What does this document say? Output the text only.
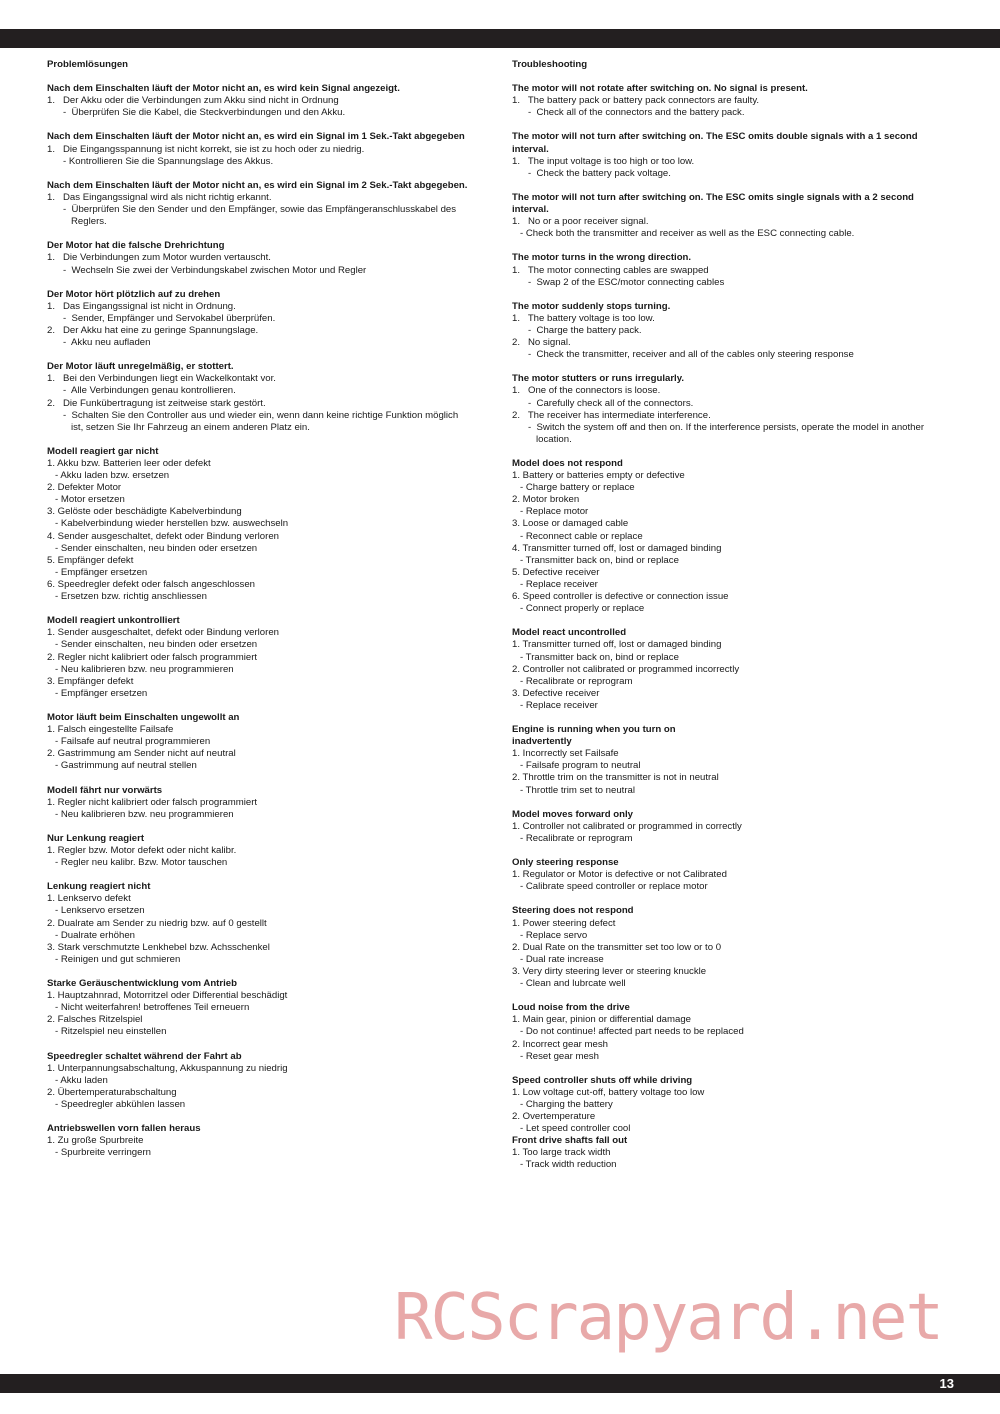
Problemlösungen
Nach dem Einschalten läuft der Motor nicht an, es wird kein Signal angezeigt.
1.   Der Akku oder die Verbindungen zum Akku sind nicht in Ordnung
-  Überprüfen Sie die Kabel, die Steckverbindungen und den Akku.
Nach dem Einschalten läuft der Motor nicht an, es wird ein Signal im 1 Sek.-Takt abgegeben
1.   Die Eingangsspannung ist nicht korrekt, sie ist zu hoch oder zu niedrig.
- Kontrollieren Sie die Spannungslage des Akkus.
Nach dem Einschalten läuft der Motor nicht an, es wird ein Signal im 2 Sek.-Takt abgegeben.
1.   Das Eingangssignal wird als nicht richtig erkannt.
-  Überprüfen Sie den Sender und den Empfänger, sowie das Empfängeranschlusskabel des
Reglers.
Der Motor hat die falsche Drehrichtung
1.   Die Verbindungen zum Motor wurden vertauscht.
-  Wechseln Sie zwei der Verbindungskabel zwischen Motor und Regler
Der Motor hört plötzlich auf zu drehen
1.   Das Eingangssignal ist nicht in Ordnung.
-  Sender, Empfänger und Servokabel überprüfen.
2.   Der Akku hat eine zu geringe Spannungslage.
-  Akku neu aufladen
Der Motor läuft unregelmäßig, er stottert.
1.   Bei den Verbindungen liegt ein Wackelkontakt vor.
-  Alle Verbindungen genau kontrollieren.
2.   Die Funkübertragung ist zeitweise stark gestört.
-  Schalten Sie den Controller aus und wieder ein, wenn dann keine richtige Funktion möglich
ist, setzen Sie Ihr Fahrzeug an einem anderen Platz ein.
Modell reagiert gar nicht
1. Akku bzw. Batterien leer oder defekt
- Akku laden bzw. ersetzen
2. Defekter Motor
- Motor ersetzen
3. Gelöste oder beschädigte Kabelverbindung
- Kabelverbindung wieder herstellen bzw. auswechseln
4. Sender ausgeschaltet, defekt oder Bindung verloren
- Sender einschalten, neu binden oder ersetzen
5. Empfänger defekt
- Empfänger ersetzen
6. Speedregler defekt oder falsch angeschlossen
- Ersetzen bzw. richtig anschliessen
Modell reagiert unkontrolliert
1. Sender ausgeschaltet, defekt oder Bindung verloren
- Sender einschalten, neu binden oder ersetzen
2. Regler nicht kalibriert oder falsch programmiert
- Neu kalibrieren bzw. neu programmieren
3. Empfänger defekt
- Empfänger ersetzen
Motor läuft beim Einschalten ungewollt an
1. Falsch eingestellte Failsafe
- Failsafe auf neutral programmieren
2. Gastrimmung am Sender nicht auf neutral
- Gastrimmung auf neutral stellen
Modell fährt nur vorwärts
1. Regler nicht kalibriert oder falsch programmiert
- Neu kalibrieren bzw. neu programmieren
Nur Lenkung reagiert
1. Regler bzw. Motor defekt oder nicht kalibr.
- Regler neu kalibr. Bzw. Motor tauschen
Lenkung reagiert nicht
1. Lenkservo defekt
- Lenkservo ersetzen
2. Dualrate am Sender zu niedrig bzw. auf 0 gestellt
- Dualrate erhöhen
3. Stark verschmutzte Lenkhebel bzw. Achsschenkel
- Reinigen und gut schmieren
Starke Geräuschentwicklung vom Antrieb
1. Hauptzahnrad, Motorritzel oder Differential beschädigt
- Nicht weiterfahren! betroffenes Teil erneuern
2. Falsches Ritzelspiel
- Ritzelspiel neu einstellen
Speedregler schaltet während der Fahrt ab
1. Unterpannungsabschaltung, Akkuspannung zu niedrig
- Akku laden
2. Übertemperaturabschaltung
- Speedregler abkühlen lassen
Antriebswellen vorn fallen heraus
1. Zu große Spurbreite
- Spurbreite verringern
Troubleshooting
The motor will not rotate after switching on. No signal is present.
1.   The battery pack or battery pack connectors are faulty.
-  Check all of the connectors and the battery pack.
The motor will not turn after switching on. The ESC omits double signals with a 1 second interval.
1.   The input voltage is too high or too low.
-  Check the battery pack voltage.
The motor will not turn after switching on. The ESC omits single signals with a 2 second interval.
1.   No or a poor receiver signal.
- Check both the transmitter and receiver as well as the ESC connecting cable.
The motor turns in the wrong direction.
1.   The motor connecting cables are swapped
-  Swap 2 of the ESC/motor connecting cables
The motor suddenly stops turning.
1.   The battery voltage is too low.
-  Charge the battery pack.
2.   No signal.
-  Check the transmitter, receiver and all of the cables only steering response
The motor stutters or runs irregularly.
1.   One of the connectors is loose.
-  Carefully check all of the connectors.
2.   The receiver has intermediate interference.
-  Switch the system off and then on. If the interference persists, operate the model in another
location.
Model does not respond
1. Battery or batteries empty or defective
- Charge battery or replace
2. Motor broken
- Replace motor
3. Loose or damaged cable
- Reconnect cable or replace
4. Transmitter turned off, lost or damaged binding
- Transmitter back on, bind or replace
5. Defective receiver
- Replace receiver
6. Speed controller is defective or connection issue
- Connect properly or replace
Model react uncontrolled
1. Transmitter turned off, lost or damaged binding
- Transmitter back on, bind or replace
2. Controller not calibrated or programmed incorrectly
- Recalibrate or reprogram
3. Defective receiver
- Replace receiver
Engine is running when you turn on
inadvertently
1. Incorrectly set Failsafe
- Failsafe program to neutral
2. Throttle trim on the transmitter is not in neutral
- Throttle trim set to neutral
Model moves forward only
1. Controller not calibrated or programmed in correctly
- Recalibrate or reprogram
Only steering response
1. Regulator or Motor is defective or not Calibrated
- Calibrate speed controller or replace motor
Steering does not respond
1. Power steering defect
- Replace servo
2. Dual Rate on the transmitter set too low or to 0
- Dual rate increase
3. Very dirty steering lever or steering knuckle
- Clean and lubrcate well
Loud noise from the drive
1. Main gear, pinion or differential damage
- Do not continue! affected part needs to be replaced
2. Incorrect gear mesh
- Reset gear mesh
Speed controller shuts off while driving
1. Low voltage cut-off, battery voltage too low
- Charging the battery
2. Overtemperature
- Let speed controller cool
Front drive shafts fall out
1. Too large track width
- Track width reduction
RCScrapyard.net
13
